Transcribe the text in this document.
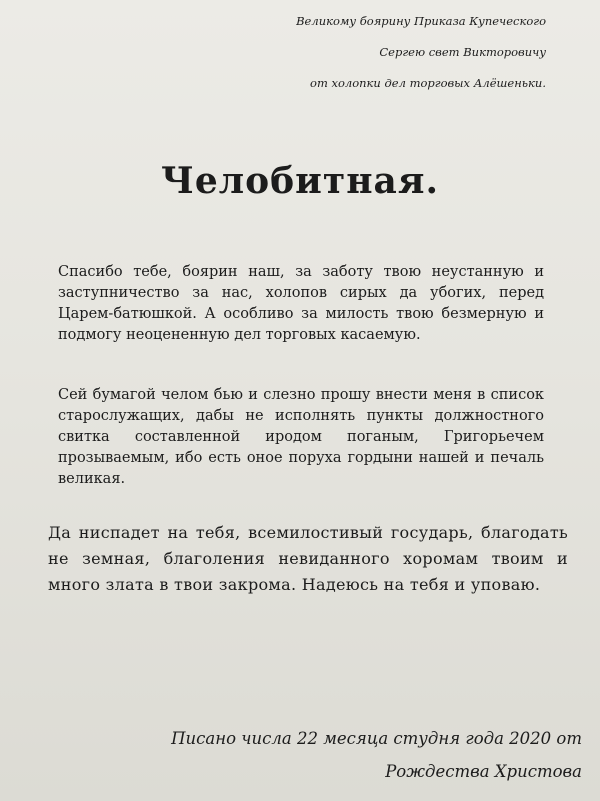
Великому боярину Приказа Купеческого
Сергею свет Викторовичу
от холопки дел торговых Алёшеньки.
Челобитная.
Спасибо тебе, боярин наш, за заботу твою неустанную и заступничество за нас, холопов сирых да убогих, перед Царем-батюшкой. А особливо за милость твою безмерную и подмогу неоцененную дел торговых касаемую.
Сей бумагой челом бью и слезно прошу внести меня в список старослужащих, дабы не исполнять пункты должностного свитка составленной иродом поганым, Григорьечем прозываемым, ибо есть оное поруха гордыни нашей и печаль великая.
Да ниспадет на тебя, всемилостивый государь, благодать не земная, благоления невиданного хоромам твоим и много злата в твои закрома. Надеюсь на тебя и уповаю.
Писано числа 22 месяца студня года 2020 от
Рождества Христова
